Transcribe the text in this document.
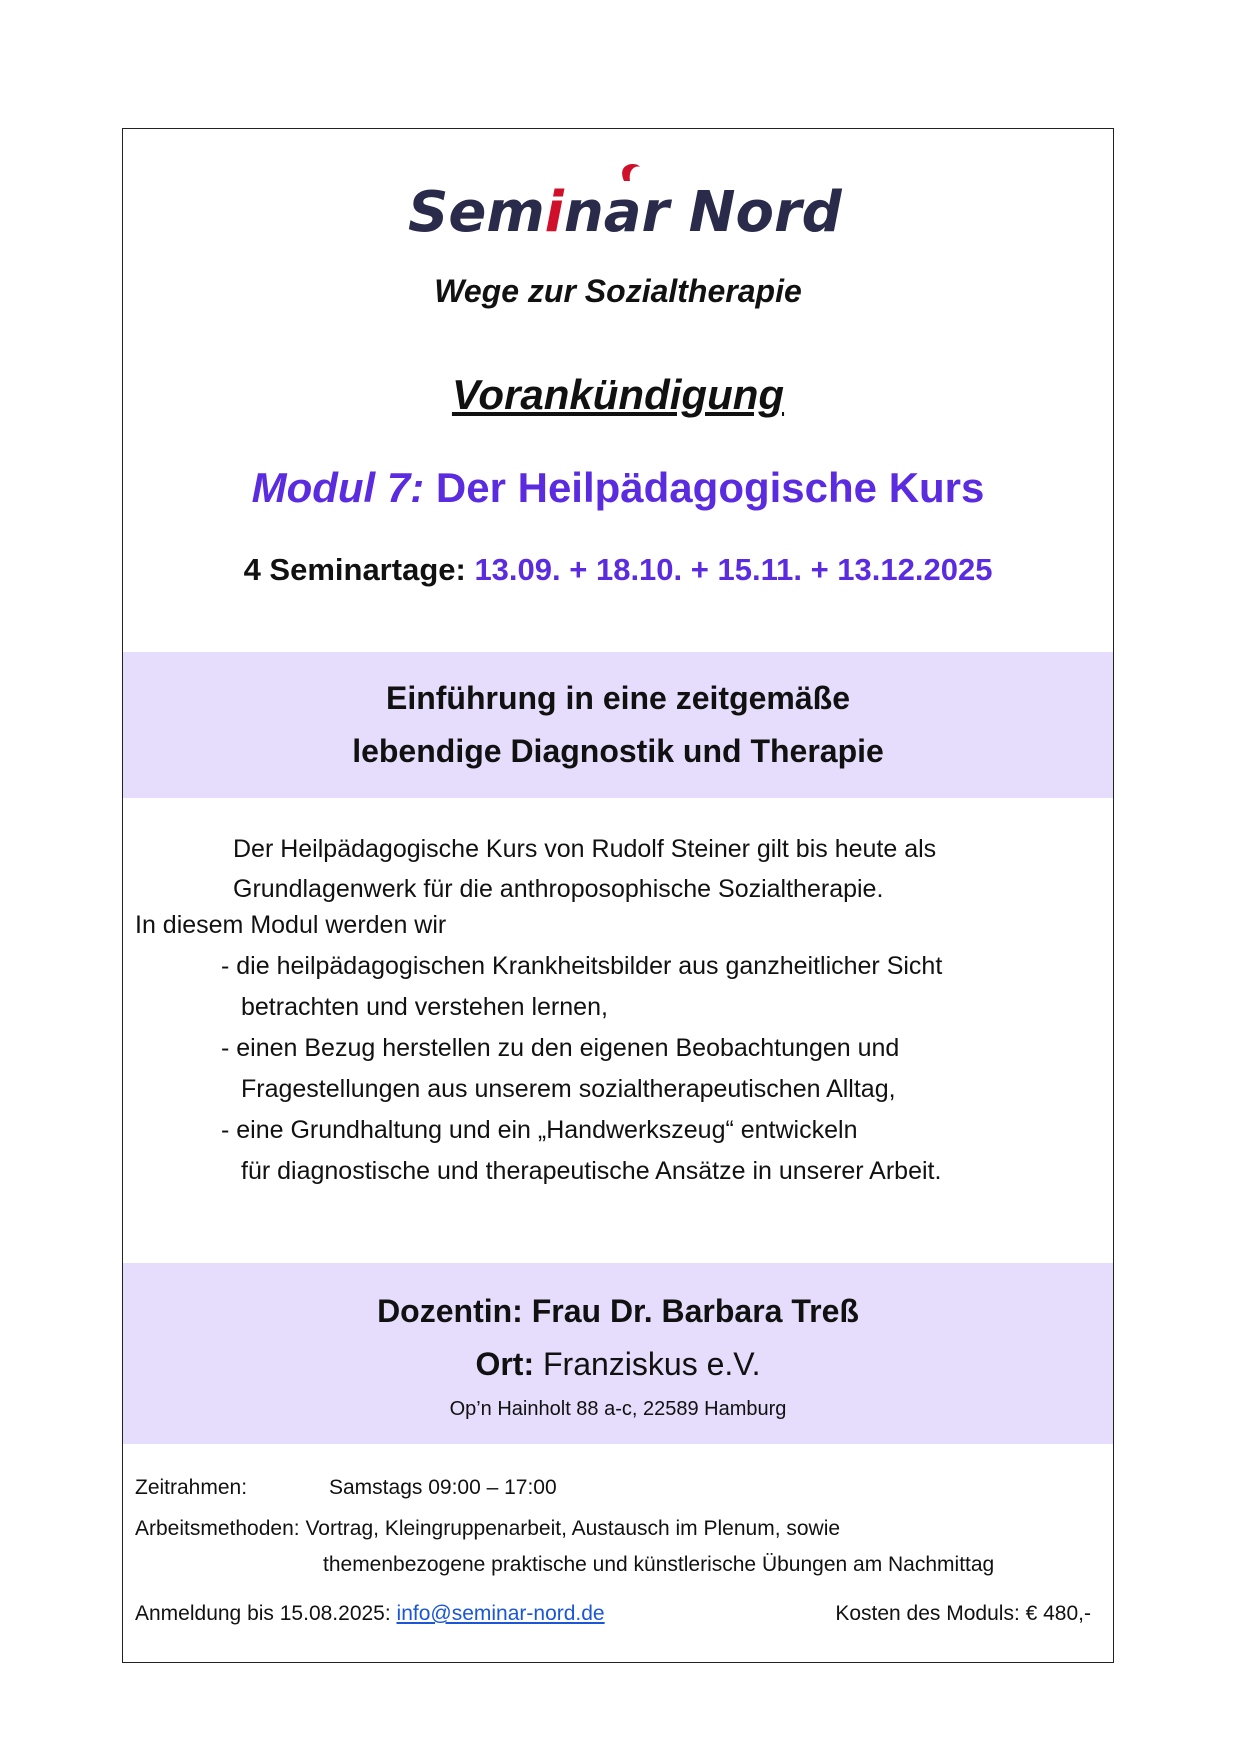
Seminar Nord
Wege zur Sozialtherapie
Vorankündigung
Modul 7: Der Heilpädagogische Kurs
4 Seminartage: 13.09. + 18.10. + 15.11. + 13.12.2025
Einführung in eine zeitgemäße
lebendige Diagnostik und Therapie
Der Heilpädagogische Kurs von Rudolf Steiner gilt bis heute als
Grundlagenwerk für die anthroposophische Sozialtherapie.
In diesem Modul werden wir
- die heilpädagogischen Krankheitsbilder aus ganzheitlicher Sicht
betrachten und verstehen lernen,
- einen Bezug herstellen zu den eigenen Beobachtungen und
Fragestellungen aus unserem sozialtherapeutischen Alltag,
- eine Grundhaltung und ein „Handwerkszeug“ entwickeln
für diagnostische und therapeutische Ansätze in unserer Arbeit.
Dozentin: Frau Dr. Barbara Treß
Ort: Franziskus e.V.
Op’n Hainholt 88 a-c, 22589 Hamburg
Zeitrahmen:	Samstags 09:00 – 17:00
Arbeitsmethoden: Vortrag, Kleingruppenarbeit, Austausch im Plenum, sowie
themenbezogene praktische und künstlerische Übungen am Nachmittag
Anmeldung bis 15.08.2025: info@seminar-nord.de	Kosten des Moduls: € 480,-
